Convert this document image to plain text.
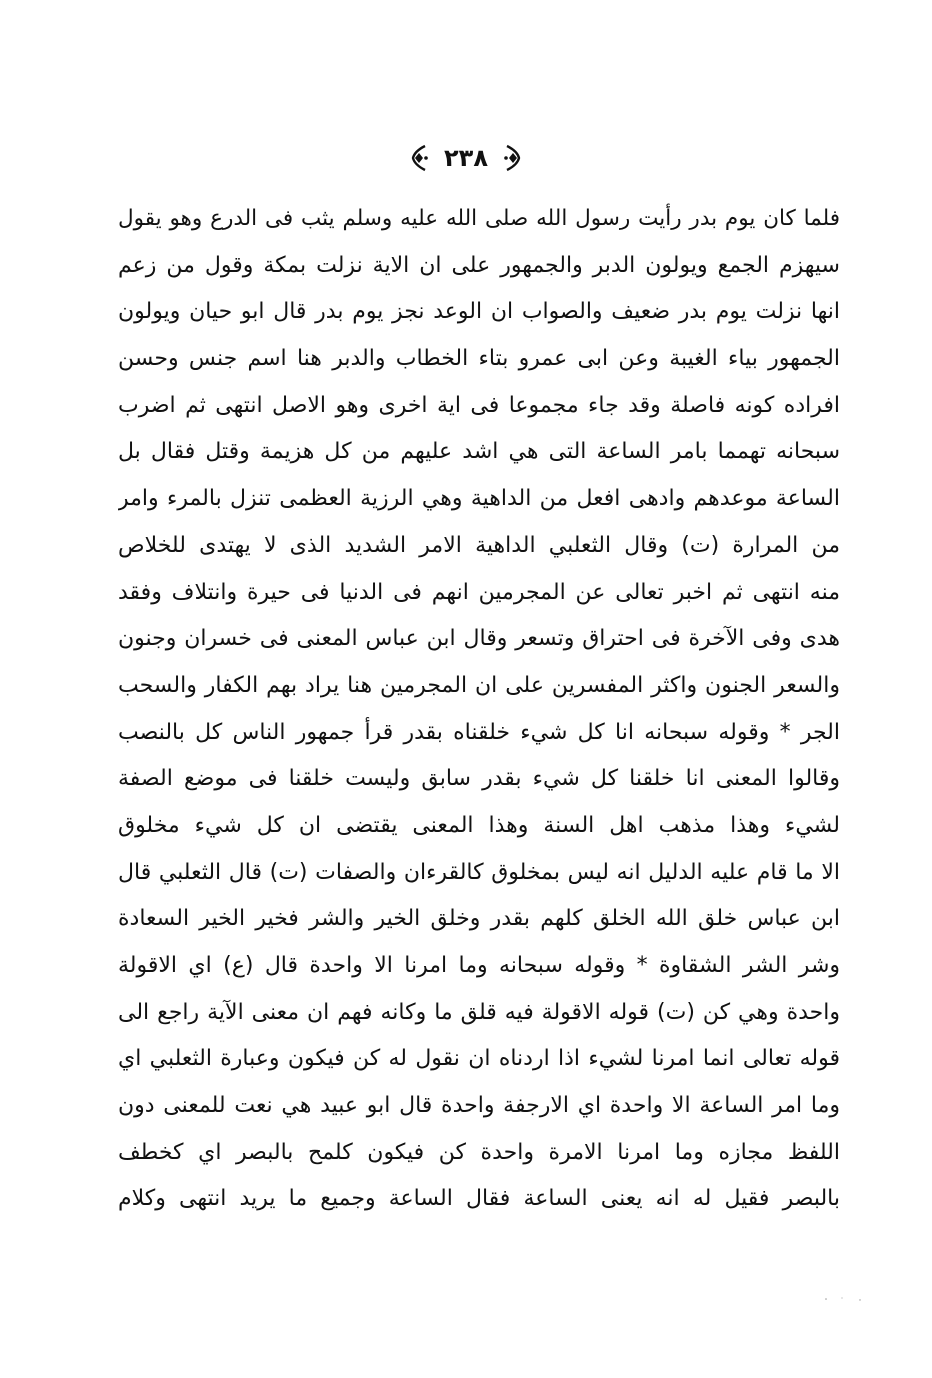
٢٣٨
فلما كان يوم بدر رأيت رسول الله صلى الله عليه وسلم يثب فى الدرع وهو يقول
سيهزم الجمع ويولون الدبر والجمهور على ان الاية نزلت بمكة وقول من زعم
انها نزلت يوم بدر ضعيف والصواب ان الوعد نجز يوم بدر قال ابو حيان ويولون
الجمهور بياء الغيبة وعن ابى عمرو بتاء الخطاب والدبر هنا اسم جنس وحسن
افراده كونه فاصلة وقد جاء مجموعا فى اية اخرى وهو الاصل انتهى ثم اضرب
سبحانه تهمما بامر الساعة التى هي اشد عليهم من كل هزيمة وقتل فقال بل
الساعة موعدهم وادهى افعل من الداهية وهي الرزية العظمى تنزل بالمرء وامر
من المرارة (ت) وقال الثعلبي الداهية الامر الشديد الذى لا يهتدى للخلاص
منه انتهى ثم اخبر تعالى عن المجرمين انهم فى الدنيا فى حيرة وانتلاف وفقد
هدى وفى الآخرة فى احتراق وتسعر وقال ابن عباس المعنى فى خسران وجنون
والسعر الجنون واكثر المفسرين على ان المجرمين هنا يراد بهم الكفار والسحب
الجر * وقوله سبحانه انا كل شيء خلقناه بقدر قرأ جمهور الناس كل بالنصب
وقالوا المعنى انا خلقنا كل شيء بقدر سابق وليست خلقنا فى موضع الصفة
لشيء وهذا مذهب اهل السنة وهذا المعنى يقتضى ان كل شيء مخلوق
الا ما قام عليه الدليل انه ليس بمخلوق كالقرءان والصفات (ت) قال الثعلبي قال
ابن عباس خلق الله الخلق كلهم بقدر وخلق الخير والشر فخير الخير السعادة
وشر الشر الشقاوة * وقوله سبحانه وما امرنا الا واحدة قال (ع) اي الاقولة
واحدة وهي كن (ت) قوله الاقولة فيه قلق ما وكانه فهم ان معنى الآية راجع الى
قوله تعالى انما امرنا لشيء اذا اردناه ان نقول له كن فيكون وعبارة الثعلبي اي
وما امر الساعة الا واحدة اي الارجفة واحدة قال ابو عبيد هي نعت للمعنى دون
اللفظ مجازه وما امرنا الامرة واحدة كن فيكون كلمح بالبصر اي كخطف
بالبصر فقيل له انه يعنى الساعة فقال الساعة وجميع ما يريد انتهى وكلام
